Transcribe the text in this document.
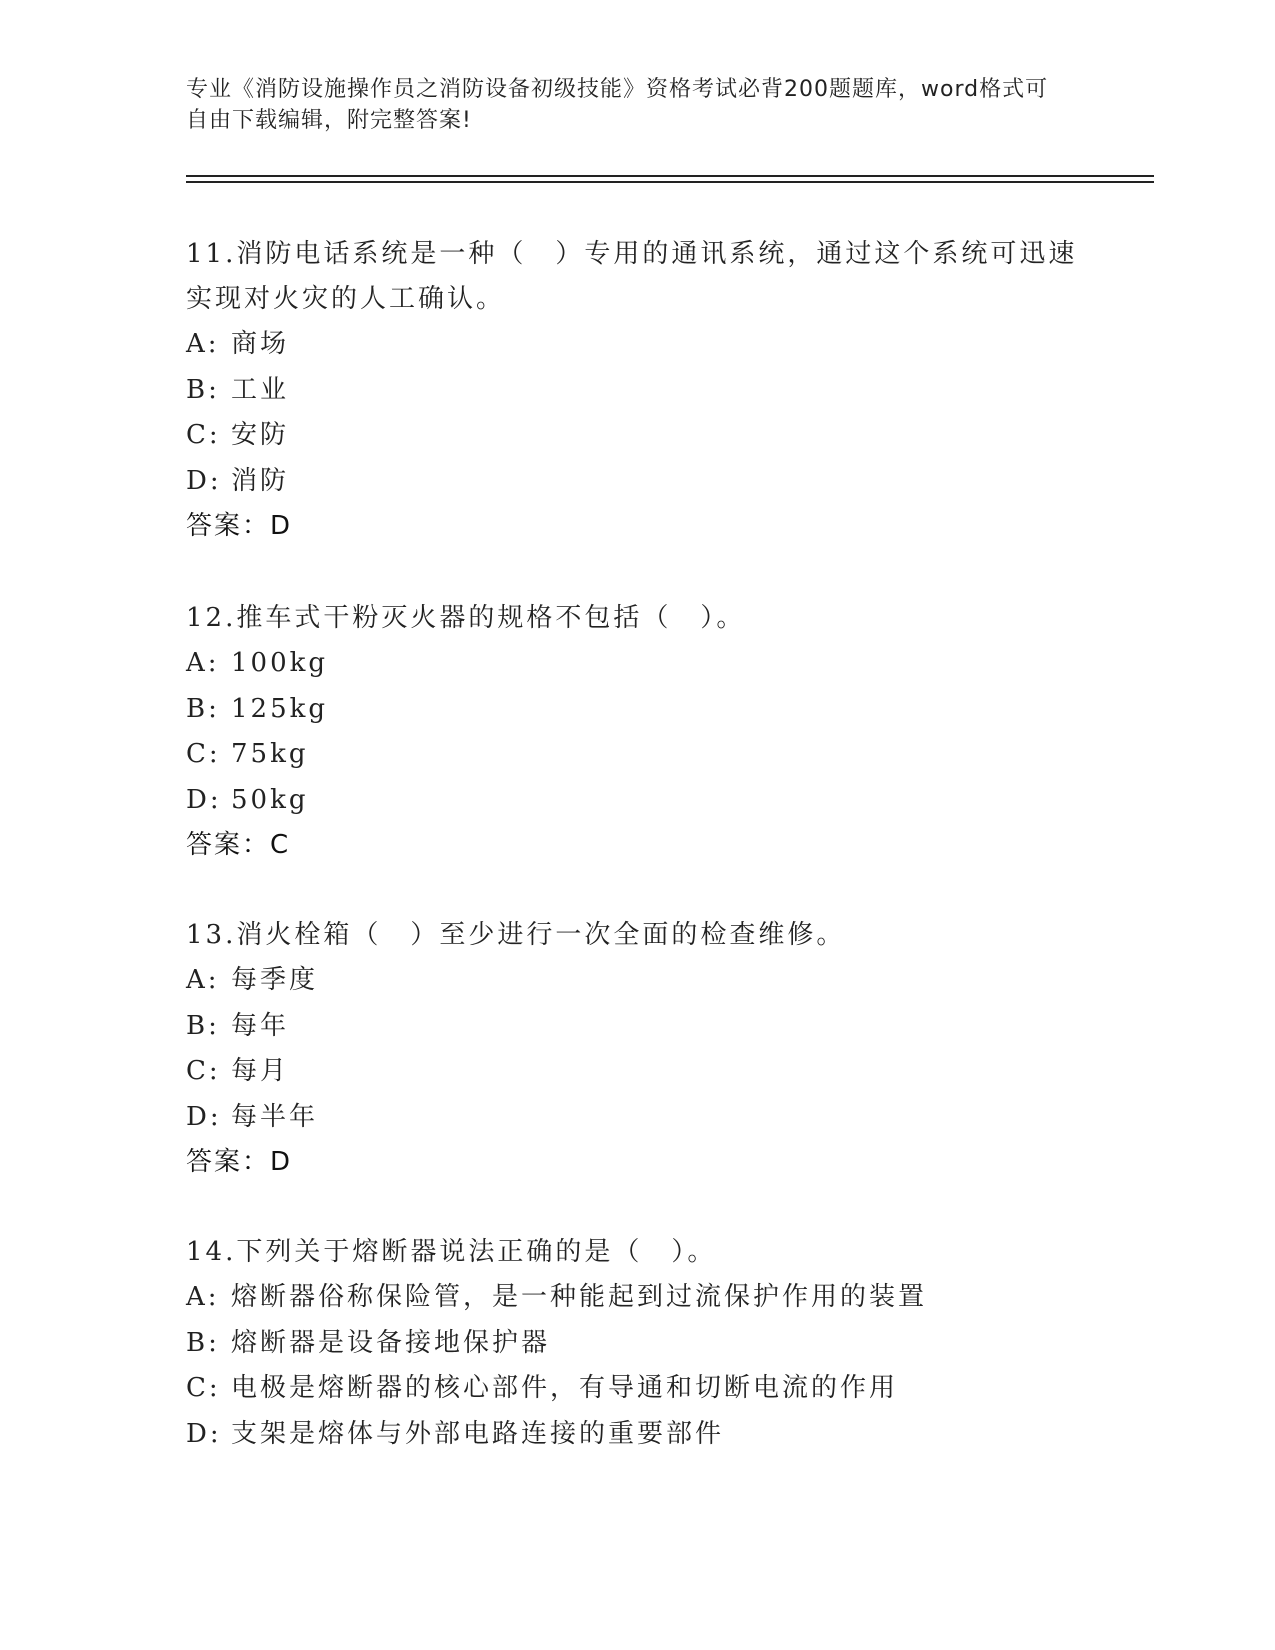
专业《消防设施操作员之消防设备初级技能》资格考试必背200题题库，word格式可自由下载编辑，附完整答案!

11.消防电话系统是一种（　）专用的通讯系统，通过这个系统可迅速实现对火灾的人工确认。

A: 商场

B: 工业

C: 安防

D: 消防

答案：D

12.推车式干粉灭火器的规格不包括（　）。

A: 100kg

B: 125kg

C: 75kg

D: 50kg

答案：C

13.消火栓箱（　）至少进行一次全面的检查维修。

A: 每季度

B: 每年

C: 每月

D: 每半年

答案：D

14.下列关于熔断器说法正确的是（　）。

A: 熔断器俗称保险管，是一种能起到过流保护作用的装置

B: 熔断器是设备接地保护器

C: 电极是熔断器的核心部件，有导通和切断电流的作用

D: 支架是熔体与外部电路连接的重要部件
